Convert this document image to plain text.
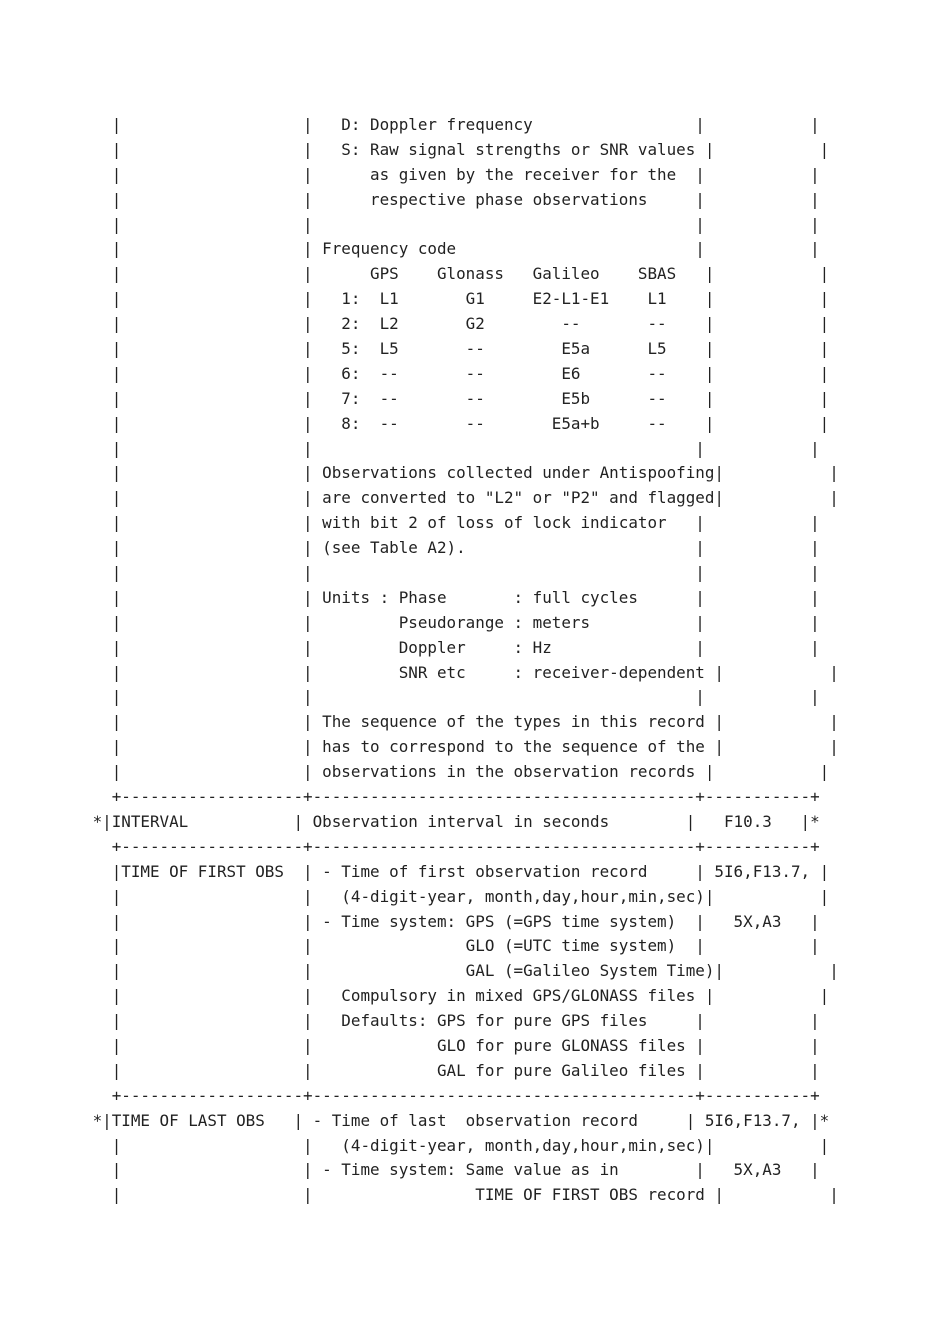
|                   |   D: Doppler frequency                 |           |
|                   |   S: Raw signal strengths or SNR values |           |
|                   |      as given by the receiver for the  |           |
|                   |      respective phase observations     |           |
|                   |                                        |           |
|                   | Frequency code                         |           |
|                   |      GPS    Glonass   Galileo    SBAS   |           |
|                   |   1:  L1       G1     E2-L1-E1    L1    |           |
|                   |   2:  L2       G2        --       --    |           |
|                   |   5:  L5       --        E5a      L5    |           |
|                   |   6:  --       --        E6       --    |           |
|                   |   7:  --       --        E5b      --    |           |
|                   |   8:  --       --       E5a+b     --    |           |
|                   |                                        |           |
|                   | Observations collected under Antispoofing|           |
|                   | are converted to "L2" or "P2" and flagged|           |
|                   | with bit 2 of loss of lock indicator   |           |
|                   | (see Table A2).                        |           |
|                   |                                        |           |
|                   | Units : Phase       : full cycles      |           |
|                   |         Pseudorange : meters           |           |
|                   |         Doppler     : Hz               |           |
|                   |         SNR etc     : receiver-dependent |           |
|                   |                                        |           |
|                   | The sequence of the types in this record |           |
|                   | has to correspond to the sequence of the |           |
|                   | observations in the observation records |           |
+-------------------+----------------------------------------+-----------+
*|INTERVAL           | Observation interval in seconds        |   F10.3   |*
+-------------------+----------------------------------------+-----------+
|TIME OF FIRST OBS  | - Time of first observation record     | 5I6,F13.7, |
|                   |   (4-digit-year, month,day,hour,min,sec)|           |
|                   | - Time system: GPS (=GPS time system)  |   5X,A3   |
|                   |                GLO (=UTC time system)  |           |
|                   |                GAL (=Galileo System Time)|           |
|                   |   Compulsory in mixed GPS/GLONASS files |           |
|                   |   Defaults: GPS for pure GPS files     |           |
|                   |             GLO for pure GLONASS files |           |
|                   |             GAL for pure Galileo files |           |
+-------------------+----------------------------------------+-----------+
*|TIME OF LAST OBS   | - Time of last  observation record     | 5I6,F13.7, |*
|                   |   (4-digit-year, month,day,hour,min,sec)|           |
|                   | - Time system: Same value as in        |   5X,A3   |
|                   |                 TIME OF FIRST OBS record |           |
